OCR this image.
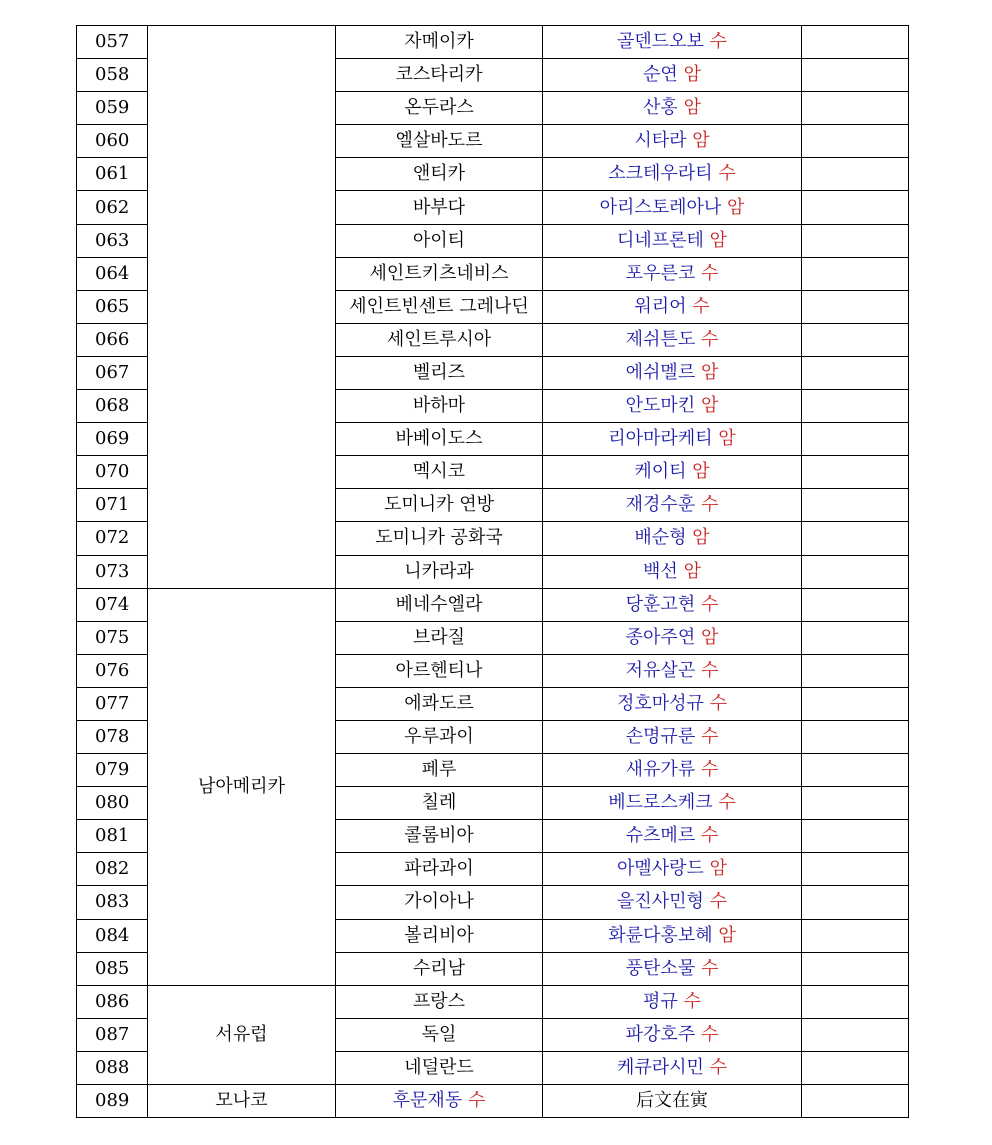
057		자메이카	골덴드오보 수	
058		코스타리카	순연 암	
059		온두라스	산홍 암	
060		엘살바도르	시타라 암	
061		앤티카	소크테우라티 수	
062		바부다	아리스토레아나 암	
063		아이티	디네프론테 암	
064		세인트키츠네비스	포우른코 수	
065		세인트빈센트 그레나딘	워리어 수	
066		세인트루시아	제쉬튼도 수	
067		벨리즈	에쉬멜르 암	
068		바하마	안도마킨 암	
069		바베이도스	리아마라케티 암	
070		멕시코	케이티 암	
071		도미니카 연방	재경수훈 수	
072		도미니카 공화국	배순형 암	
073		니카라과	백선 암	
074	남아메리카	베네수엘라	당훈고현 수	
075		브라질	종아주연 암	
076		아르헨티나	저유살곤 수	
077		에콰도르	정호마성규 수	
078		우루과이	손명규룬 수	
079		페루	새유가류 수	
080		칠레	베드로스케크 수	
081		콜롬비아	슈츠메르 수	
082		파라과이	아멜사랑드 암	
083		가이아나	을진사민형 수	
084		볼리비아	화륜다홍보혜 암	
085		수리남	풍탄소물 수	
086	서유럽	프랑스	평규 수	
087		독일	파강호주 수	
088		네덜란드	케큐라시민 수	
089	모나코	후문재동 수	后文在寅	
